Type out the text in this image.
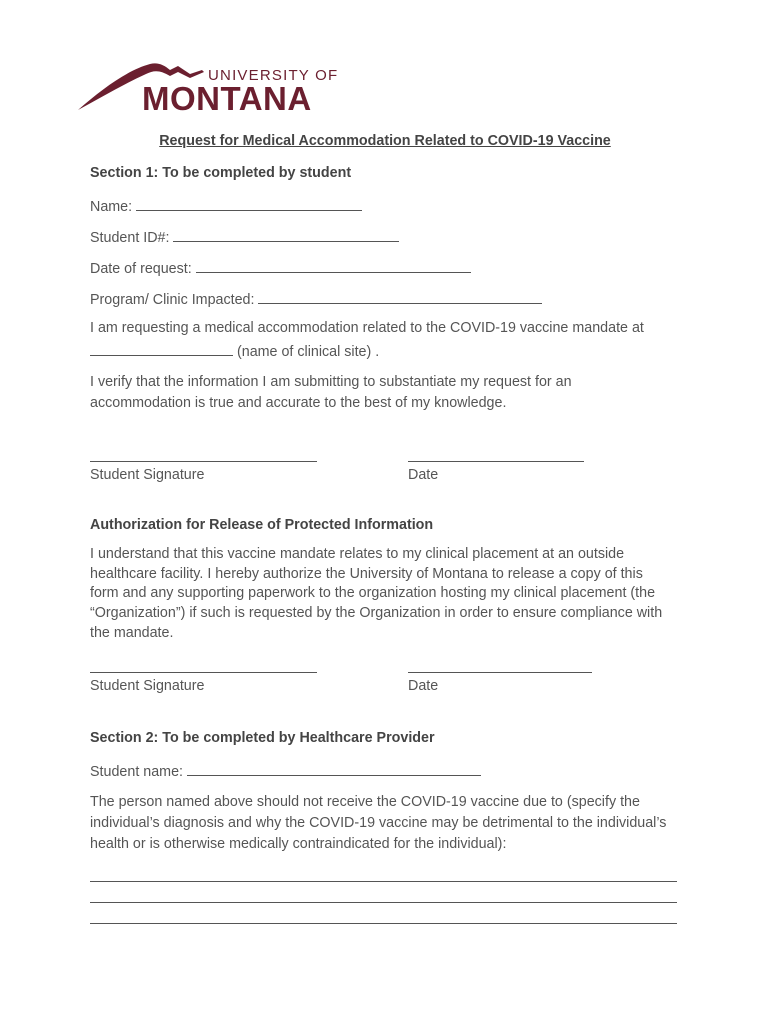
UNIVERSITY OF
MONTANA
Request for Medical Accommodation Related to COVID-19 Vaccine
Section 1: To be completed by student
Name:
Student ID#:
Date of request:
Program/ Clinic Impacted:
I am requesting a medical accommodation related to the COVID-19 vaccine mandate at
(name of clinical site) .
I verify that the information I am submitting to substantiate my request for an accommodation is true and accurate to the best of my knowledge.
Student Signature	Date
Authorization for Release of Protected Information
I understand that this vaccine mandate relates to my clinical placement at an outside healthcare facility. I hereby authorize the University of Montana to release a copy of this form and any supporting paperwork to the organization hosting my clinical placement (the “Organization”) if such is requested by the Organization in order to ensure compliance with the mandate.
Student Signature	Date
Section 2: To be completed by Healthcare Provider
Student name:
The person named above should not receive the COVID-19 vaccine due to (specify the individual’s diagnosis and why the COVID-19 vaccine may be detrimental to the individual’s health or is otherwise medically contraindicated for the individual):
